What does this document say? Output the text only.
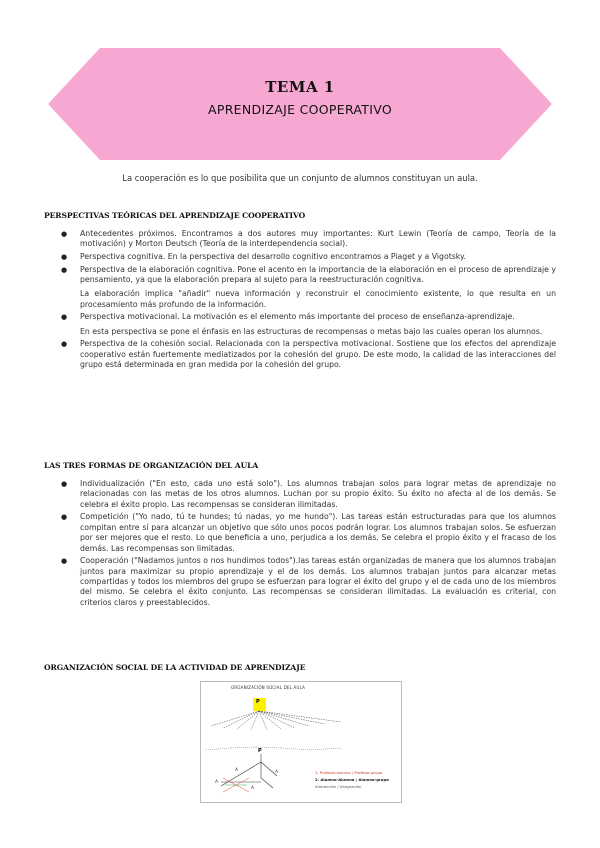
TEMA 1
APRENDIZAJE COOPERATIVO
La cooperación es lo que posibilita que un conjunto de alumnos constituyan un aula.
PERSPECTIVAS TEÓRICAS DEL APRENDIZAJE COOPERATIVO
● Antecedentes próximos. Encontramos a dos autores muy importantes: Kurt Lewin (Teoría de campo, Teoría de la motivación) y Morton Deutsch (Teoría de la interdependencia social).

● Perspectiva cognitiva. En la perspectiva del desarrollo cognitivo encontramos a Piaget y a Vigotsky.

● Perspectiva de la elaboración cognitiva. Pone el acento en la importancia de la elaboración en el proceso de aprendizaje y pensamiento, ya que la elaboración prepara al sujeto para la reestructuración cognitiva.

La elaboración implica "añadir" nueva información y reconstruir el conocimiento existente, lo que resulta en un procesamiento más profundo de la información.

● Perspectiva motivacional. La motivación es el elemento más importante del proceso de enseñanza-aprendizaje.

En esta perspectiva se pone el énfasis en las estructuras de recompensas o metas bajo las cuales operan los alumnos.

● Perspectiva de la cohesión social. Relacionada con la perspectiva motivacional. Sostiene que los efectos del aprendizaje cooperativo están fuertemente mediatizados por la cohesión del grupo. De este modo, la calidad de las interacciones del grupo está determinada en gran medida por la cohesión del grupo.

LAS TRES FORMAS DE ORGANIZACIÓN DEL AULA
● Individualización ("En esto, cada uno está solo"). Los alumnos trabajan solos para lograr metas de aprendizaje no relacionadas con las metas de los otros alumnos. Luchan por su propio éxito. Su éxito no afecta al de los demás. Se celebra el éxito propio. Las recompensas se consideran ilimitadas.

● Competición ("Yo nado, tú te hundes; tú nadas, yo me hundo"). Las tareas están estructuradas para que los alumnos compitan entre sí para alcanzar un objetivo que sólo unos pocos podrán lograr. Los alumnos trabajan solos. Se esfuerzan por ser mejores que el resto. Lo que beneficia a uno, perjudica a los demás. Se celebra el propio éxito y el fracaso de los demás. Las recompensas son limitadas.

● Cooperación ("Nadamos juntos o nos hundimos todos").las tareas están organizadas de manera que los alumnos trabajan juntos para maximizar su propio aprendizaje y el de los demás. Los alumnos trabajan juntos para alcanzar metas compartidas y todos los miembros del grupo se esfuerzan para lograr el éxito del grupo y el de cada uno de los miembros del mismo. Se celebra el éxito conjunto. Las recompensas se consideran ilimitadas. La evaluación es criterial, con criterios claros y preestablecidos.

ORGANIZACIÓN SOCIAL DE LA ACTIVIDAD DE APRENDIZAJE
ORGANIZACIÓN SOCIAL DEL AULA
P
P
A	A
A
A
1. Profesor-alumno / Profesor-grupo
2. Alumno-Alumno / Alumno-grupo
Interacción / Integración
